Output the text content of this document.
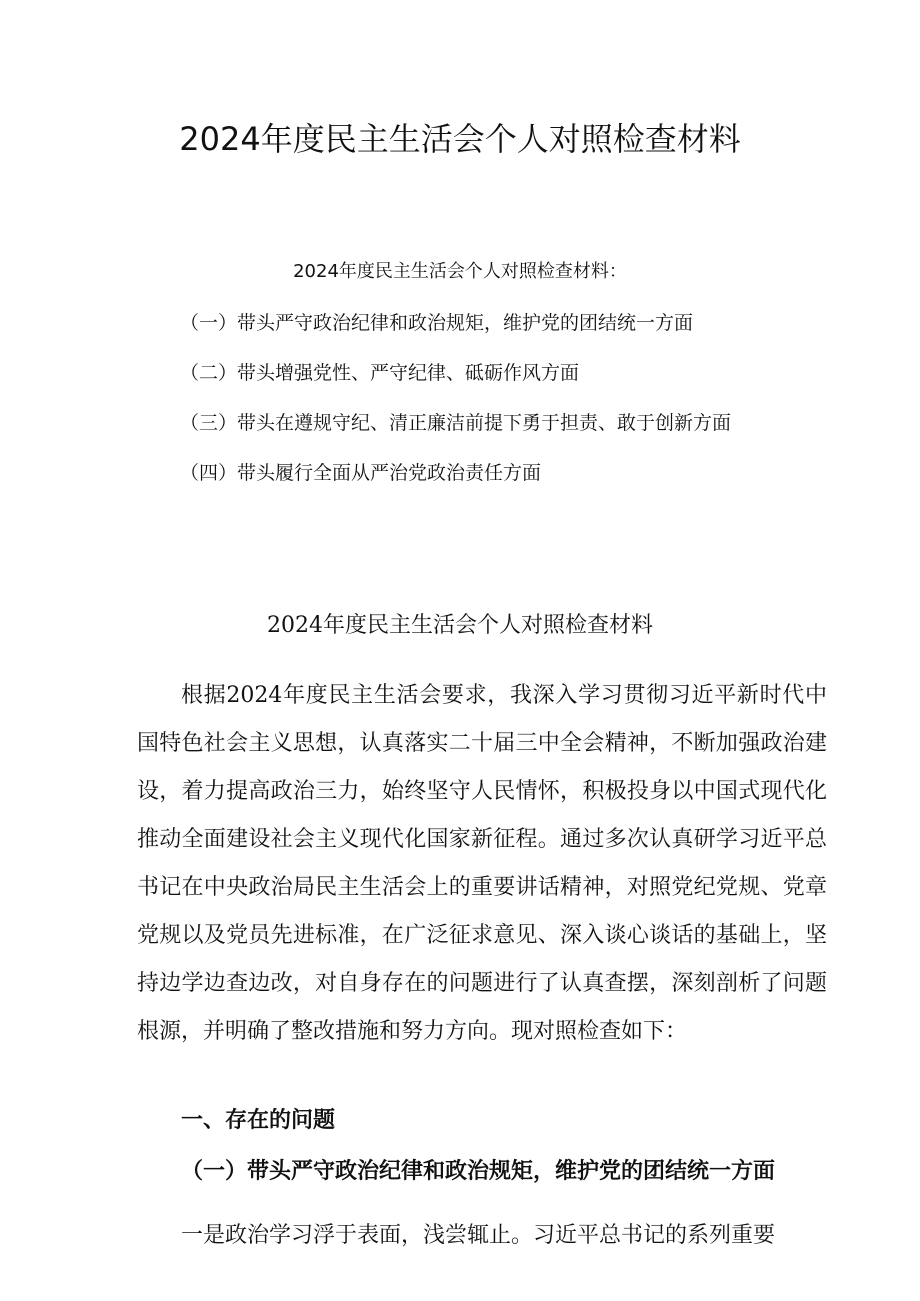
2024年度民主生活会个人对照检查材料
2024年度民主生活会个人对照检查材料：
（一）带头严守政治纪律和政治规矩，维护党的团结统一方面
（二）带头增强党性、严守纪律、砥砺作风方面
（三）带头在遵规守纪、清正廉洁前提下勇于担责、敢于创新方面
（四）带头履行全面从严治党政治责任方面
2024年度民主生活会个人对照检查材料

根据2024年度民主生活会要求，我深入学习贯彻习近平新时代中国特色社会主义思想，认真落实二十届三中全会精神，不断加强政治建设，着力提高政治三力，始终坚守人民情怀，积极投身以中国式现代化推动全面建设社会主义现代化国家新征程。通过多次认真研学习近平总书记在中央政治局民主生活会上的重要讲话精神，对照党纪党规、党章党规以及党员先进标准，在广泛征求意见、深入谈心谈话的基础上，坚持边学边查边改，对自身存在的问题进行了认真查摆，深刻剖析了问题根源，并明确了整改措施和努力方向。现对照检查如下：

一、存在的问题
（一）带头严守政治纪律和政治规矩，维护党的团结统一方面
一是政治学习浮于表面，浅尝辄止。习近平总书记的系列重要
